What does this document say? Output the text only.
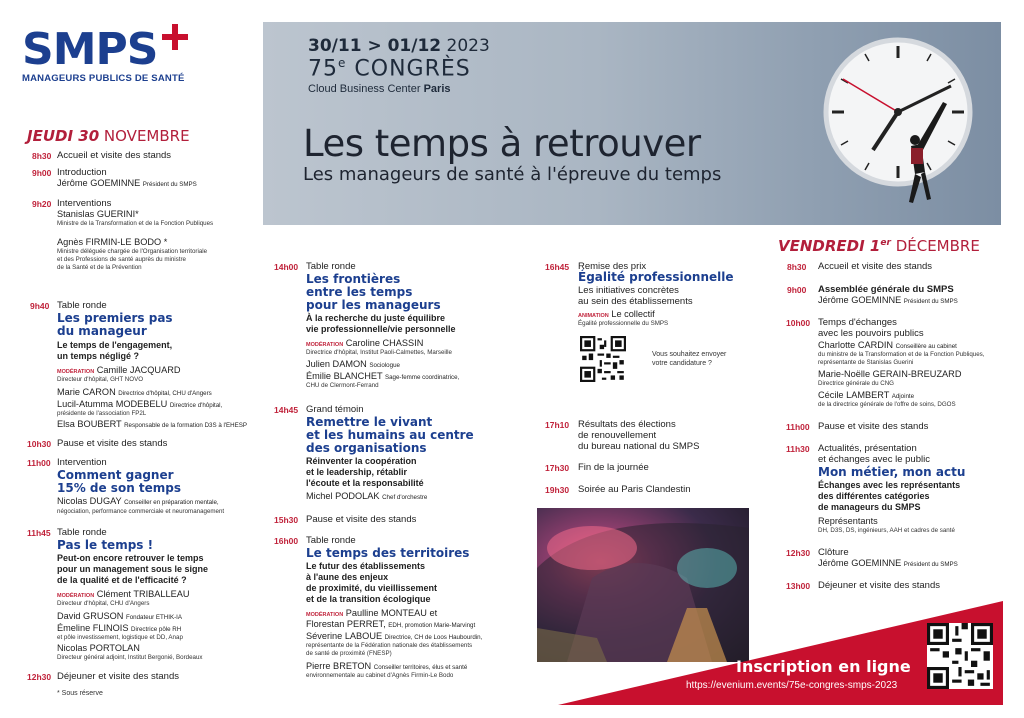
SMPS
MANAGEURS PUBLICS DE SANTÉ
30/11 > 01/12 2023
75e CONGRÈS
Cloud Business Center Paris
Les temps à retrouver
Les manageurs de santé à l'épreuve du temps
JEUDI 30 NOVEMBRE
8h30 Accueil et visite des stands
9h00 Introduction
Jérôme GOEMINNE Président du SMPS
9h20 Interventions
Stanislas GUERINI*
Ministre de la Transformation et de la Fonction Publiques
Agnès FIRMIN-LE BODO *
Ministre déléguée chargée de l'Organisation territoriale
et des Professions de santé auprès du ministre
de la Santé et de la Prévention
9h40 Table ronde
Les premiers pas
du manageur
Le temps de l'engagement,
un temps négligé ?
MODÉRATION Camille JACQUARD
Directeur d'hôpital, GHT NOVO
Marie CARON Directrice d'hôpital, CHU d'Angers
Lucil-Atumma MODEBELU Directrice d'hôpital,
présidente de l'association FP2L
Elsa BOUBERT Responsable de la formation D3S à l'EHESP
10h30 Pause et visite des stands
11h00 Intervention
Comment gagner
15% de son temps
Nicolas DUGAY Conseiller en préparation mentale,
négociation, performance commerciale et neuromanagement
11h45 Table ronde
Pas le temps !
Peut-on encore retrouver le temps
pour un management sous le signe
de la qualité et de l'efficacité ?
MODÉRATION Clément TRIBALLEAU
Directeur d'hôpital, CHU d'Angers
David GRUSON Fondateur ETHIK-IA
Émeline FLINOIS Directrice pôle RH
et pôle investissement, logistique et DD, Anap
Nicolas PORTOLAN
Directeur général adjoint, Institut Bergonié, Bordeaux
12h30 Déjeuner et visite des stands
* Sous réserve
14h00 Table ronde
Les frontières
entre les temps
pour les manageurs
À la recherche du juste équilibre
vie professionnelle/vie personnelle
MODÉRATION Caroline CHASSIN
Directrice d'hôpital, Institut Paoli-Calmettes, Marseille
Julien DAMON Sociologue
Émilie BLANCHET Sage-femme coordinatrice,
CHU de Clermont-Ferrand
14h45 Grand témoin
Remettre le vivant
et les humains au centre
des organisations
Réinventer la coopération
et le leadership, rétablir
l'écoute et la responsabilité
Michel PODOLAK Chef d'orchestre
15h30 Pause et visite des stands
16h00 Table ronde
Le temps des territoires
Le futur des établissements
à l'aune des enjeux
de proximité, du vieillissement
et de la transition écologique
MODÉRATION Paulline MONTEAU et
Florestan PERRET, EDH, promotion Marie-Marvingt
Séverine LABOUE Directrice, CH de Loos Haubourdin,
représentante de la Fédération nationale des établissements
de santé de proximité (FNESP)
Pierre BRETON Conseiller territoires, élus et santé
environnementale au cabinet d'Agnès Firmin-Le Bodo
16h45 Remise des prix
Égalité professionnelle
Les initiatives concrètes
au sein des établissements
ANIMATION Le collectif
Égalité professionnelle du SMPS
Vous souhaitez envoyer
votre candidature ?
17h10 Résultats des élections
de renouvellement
du bureau national du SMPS
17h30 Fin de la journée
19h30 Soirée au Paris Clandestin
VENDREDI 1er DÉCEMBRE
8h30 Accueil et visite des stands
9h00 Assemblée générale du SMPS
Jérôme GOEMINNE Président du SMPS
10h00 Temps d'échanges
avec les pouvoirs publics
Charlotte CARDIN Conseillère au cabinet
du ministre de la Transformation et de la Fonction Publiques,
représentante de Stanislas Guerini
Marie-Noëlle GERAIN-BREUZARD
Directrice générale du CNG
Cécile LAMBERT Adjointe
de la directrice générale de l'offre de soins, DGOS
11h00 Pause et visite des stands
11h30 Actualités, présentation
et échanges avec le public
Mon métier, mon actu
Échanges avec les représentants
des différentes catégories
de manageurs du SMPS
Représentants
DH, D3S, DS, ingénieurs, AAH et cadres de santé
12h30 Clôture
Jérôme GOEMINNE Président du SMPS
13h00 Déjeuner et visite des stands
Inscription en ligne
https://evenium.events/75e-congres-smps-2023
